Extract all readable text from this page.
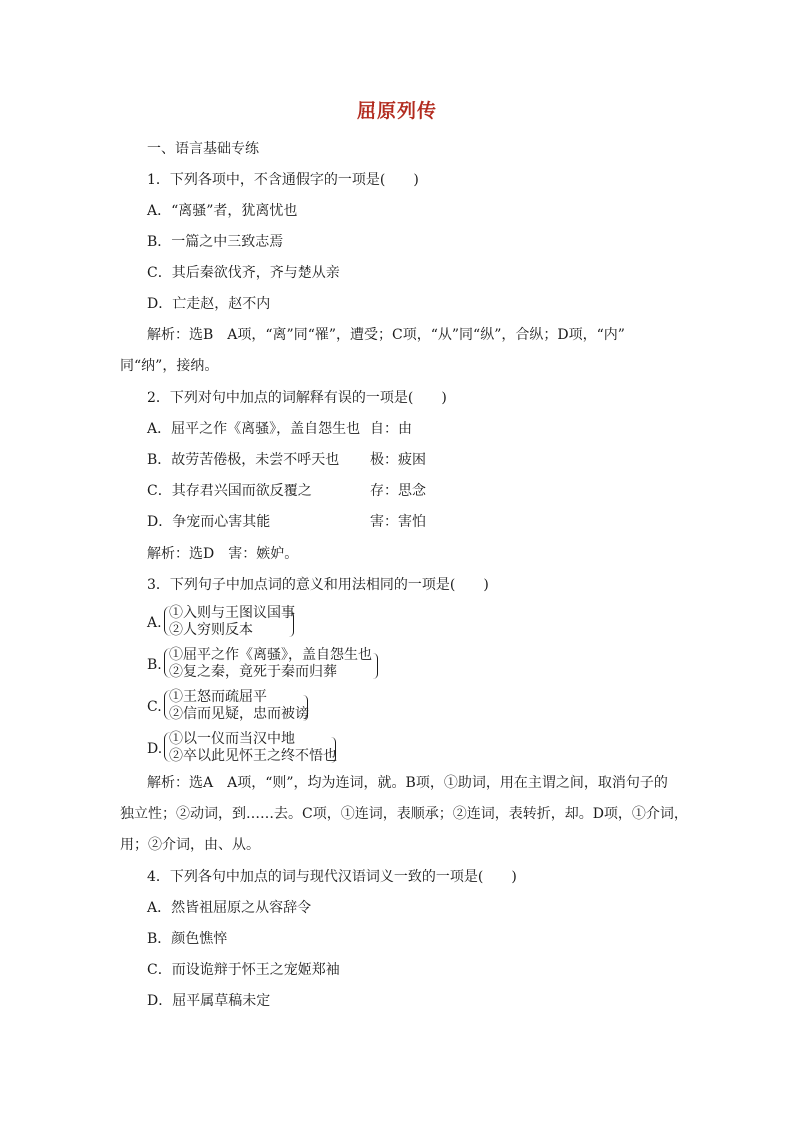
屈原列传
一、语言基础专练
1．下列各项中，不含通假字的一项是(　　)
A．“离骚”者，犹离忧也
B．一篇之中三致志焉
C．其后秦欲伐齐，齐与楚从亲
D．亡走赵，赵不内
解析：选B　A项，“离”同“罹”，遭受；C项，“从”同“纵”，合纵；D项，“内”
同“纳”，接纳。
2．下列对句中加点的词解释有误的一项是(　　)
A．屈平之作《离骚》，盖自怨生也 自：由
B．故劳苦倦极，未尝不呼天也 极：疲困
C．其存君兴国而欲反覆之	存：思念
D．争宠而心害其能	害：害怕
解析：选D　害：嫉妒。
3．下列句子中加点词的意义和用法相同的一项是(　　)
A.
①入则与王图议国事
②人穷则反本
B.
①屈平之作《离骚》，盖自怨生也
②复之秦，竟死于秦而归葬
C.
①王怒而疏屈平
②信而见疑，忠而被谤
D.
①以一仪而当汉中地
②卒以此见怀王之终不悟也
解析：选A　A项，“则”，均为连词，就。B项，①助词，用在主谓之间，取消句子的
独立性；②动词，到……去。C项，①连词，表顺承；②连词，表转折，却。D项，①介词，
用；②介词，由、从。
4．下列各句中加点的词与现代汉语词义一致的一项是(　　)
A．然皆祖屈原之从容辞令
B．颜色憔悴
C．而设诡辩于怀王之宠姬郑袖
D．屈平属草稿未定
